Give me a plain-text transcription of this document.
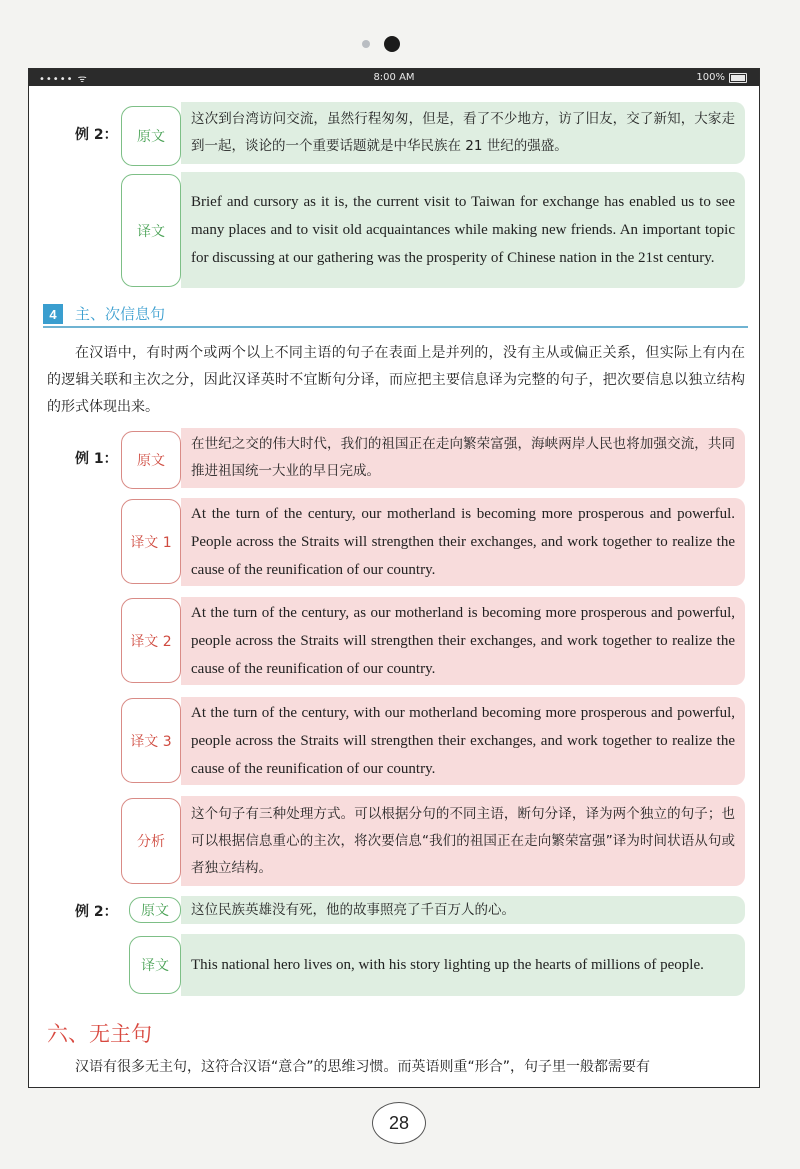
••••• ᯤ	8:00 AM	100%
例 2：	原文

这次到台湾访问交流，虽然行程匆匆，但是，看了不少地方，访了旧友，交了新知，大家走到一起，谈论的一个重要话题就是中华民族在 21 世纪的强盛。

译文

Brief and cursory as it is, the current visit to Taiwan for exchange has enabled us to see many places and to visit old acquaintances while making new friends. An important topic for discussing at our gathering was the prosperity of Chinese nation in the 21st century.

4	主、次信息句
在汉语中，有时两个或两个以上不同主语的句子在表面上是并列的，没有主从或偏正关系，但实际上有内在的逻辑关联和主次之分，因此汉译英时不宜断句分译，而应把主要信息译为完整的句子，把次要信息以独立结构的形式体现出来。
例 1：	原文

在世纪之交的伟大时代，我们的祖国正在走向繁荣富强，海峡两岸人民也将加强交流，共同推进祖国统一大业的早日完成。

译文 1

At the turn of the century, our motherland is becoming more prosperous and powerful. People across the Straits will strengthen their exchanges, and work together to realize the cause of the reunification of our country.

译文 2

At the turn of the century, as our motherland is becoming more prosperous and powerful, people across the Straits will strengthen their exchanges, and work together to realize the cause of the reunification of our country.

译文 3

At the turn of the century, with our motherland becoming more prosperous and powerful, people across the Straits will strengthen their exchanges, and work together to realize the cause of the reunification of our country.

分析

这个句子有三种处理方式。可以根据分句的不同主语，断句分译，译为两个独立的句子；也可以根据信息重心的主次，将次要信息“我们的祖国正在走向繁荣富强”译为时间状语从句或者独立结构。

例 2：	原文	这位民族英雄没有死，他的故事照亮了千百万人的心。

译文	This national hero lives on, with his story lighting up the hearts of millions of people.

六、无主句
汉语有很多无主句，这符合汉语“意合”的思维习惯。而英语则重“形合”，句子里一般都需要有
28
